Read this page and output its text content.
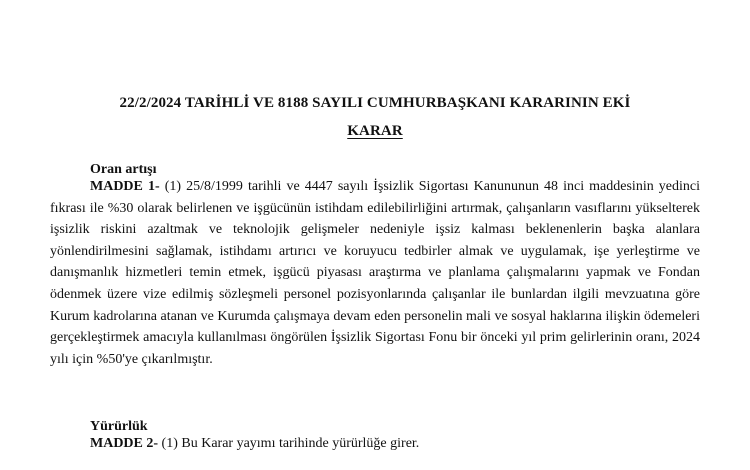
22/2/2024 TARİHLİ VE 8188 SAYILI CUMHURBAŞKANI KARARININ EKİ
KARAR
Oran artışı

MADDE 1- (1) 25/8/1999 tarihli ve 4447 sayılı İşsizlik Sigortası Kanununun 48 inci maddesinin yedinci fıkrası ile %30 olarak belirlenen ve işgücünün istihdam edilebilirliğini artırmak, çalışanların vasıflarını yükselterek işsizlik riskini azaltmak ve teknolojik gelişmeler nedeniyle işsiz kalması beklenenlerin başka alanlara yönlendirilmesini sağlamak, istihdamı artırıcı ve koruyucu tedbirler almak ve uygulamak, işe yerleştirme ve danışmanlık hizmetleri temin etmek, işgücü piyasası araştırma ve planlama çalışmalarını yapmak ve Fondan ödenmek üzere vize edilmiş sözleşmeli personel pozisyonlarında çalışanlar ile bunlardan ilgili mevzuatına göre Kurum kadrolarına atanan ve Kurumda çalışmaya devam eden personelin mali ve sosyal haklarına ilişkin ödemeleri gerçekleştirmek amacıyla kullanılması öngörülen İşsizlik Sigortası Fonu bir önceki yıl prim gelirlerinin oranı, 2024 yılı için %50'ye çıkarılmıştır.

Yürürlük

MADDE 2- (1) Bu Karar yayımı tarihinde yürürlüğe girer.
